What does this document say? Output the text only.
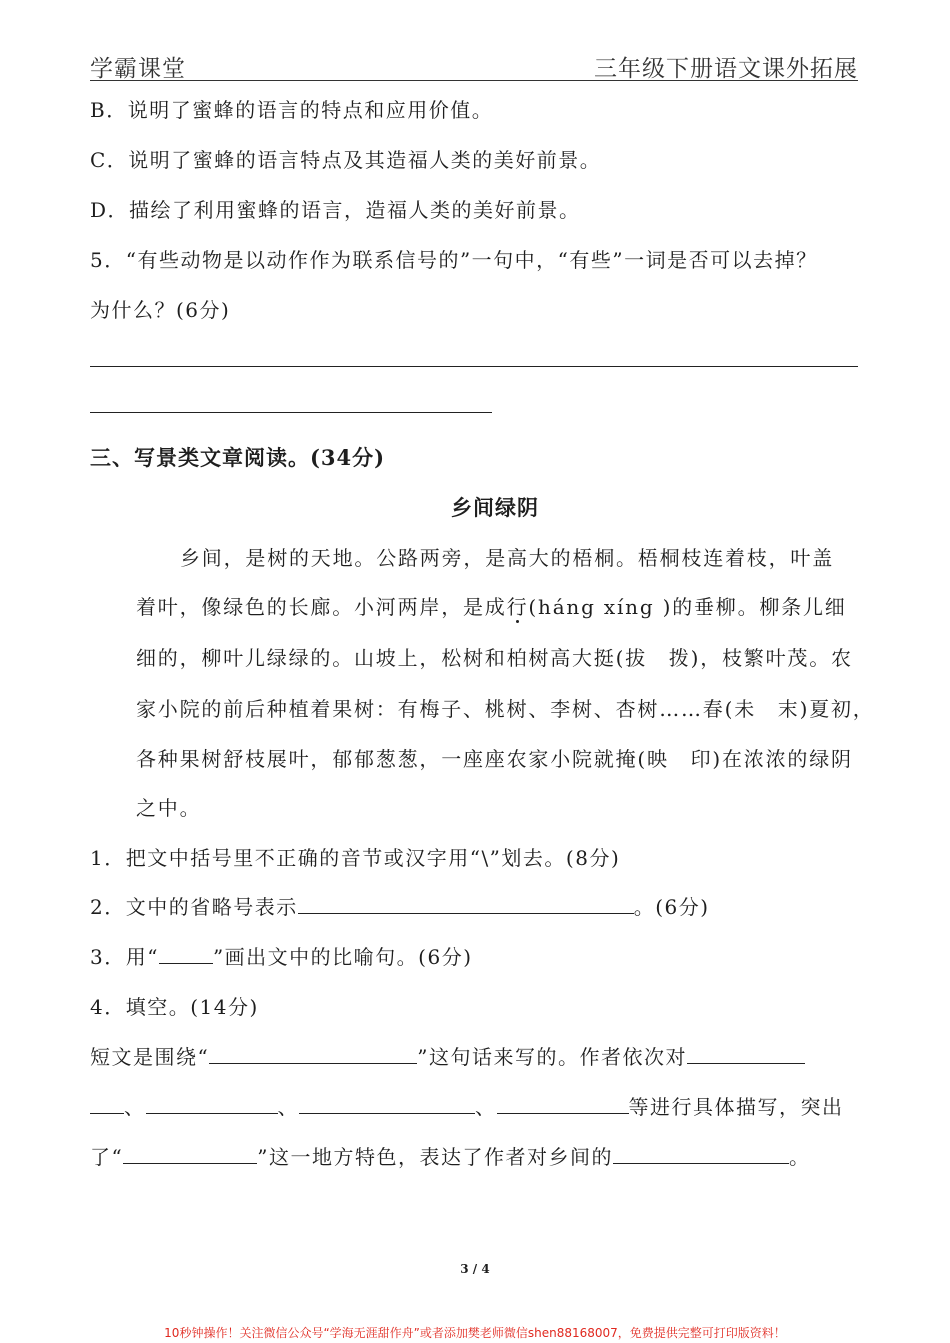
学霸课堂	三年级下册语文课外拓展
B．说明了蜜蜂的语言的特点和应用价值。
C．说明了蜜蜂的语言特点及其造福人类的美好前景。
D．描绘了利用蜜蜂的语言，造福人类的美好前景。
5．“有些动物是以动作作为联系信号的”一句中，“有些”一词是否可以去掉？
为什么？(6分)
三、写景类文章阅读。(34分)
乡间绿阴
乡间，是树的天地。公路两旁，是高大的梧桐。梧桐枝连着枝，叶盖
着叶，像绿色的长廊。小河两岸，是成行(háng xíng )的垂柳。柳条儿细
细的，柳叶儿绿绿的。山坡上，松树和柏树高大挺(拔　拨)，枝繁叶茂。农
家小院的前后种植着果树：有梅子、桃树、李树、杏树……春(未　末)夏初，
各种果树舒枝展叶，郁郁葱葱，一座座农家小院就掩(映　印)在浓浓的绿阴
之中。
1．把文中括号里不正确的音节或汉字用“\”划去。(8分)
2．文中的省略号表示	。(6分)
3．用“	”画出文中的比喻句。(6分)
4．填空。(14分)
短文是围绕“	”这句话来写的。作者依次对
、	、	、	等进行具体描写，突出
了“	”这一地方特色，表达了作者对乡间的	。
3 / 4
10秒钟操作！关注微信公众号“学海无涯甜作舟”或者添加樊老师微信shen88168007，免费提供完整可打印版资料！
